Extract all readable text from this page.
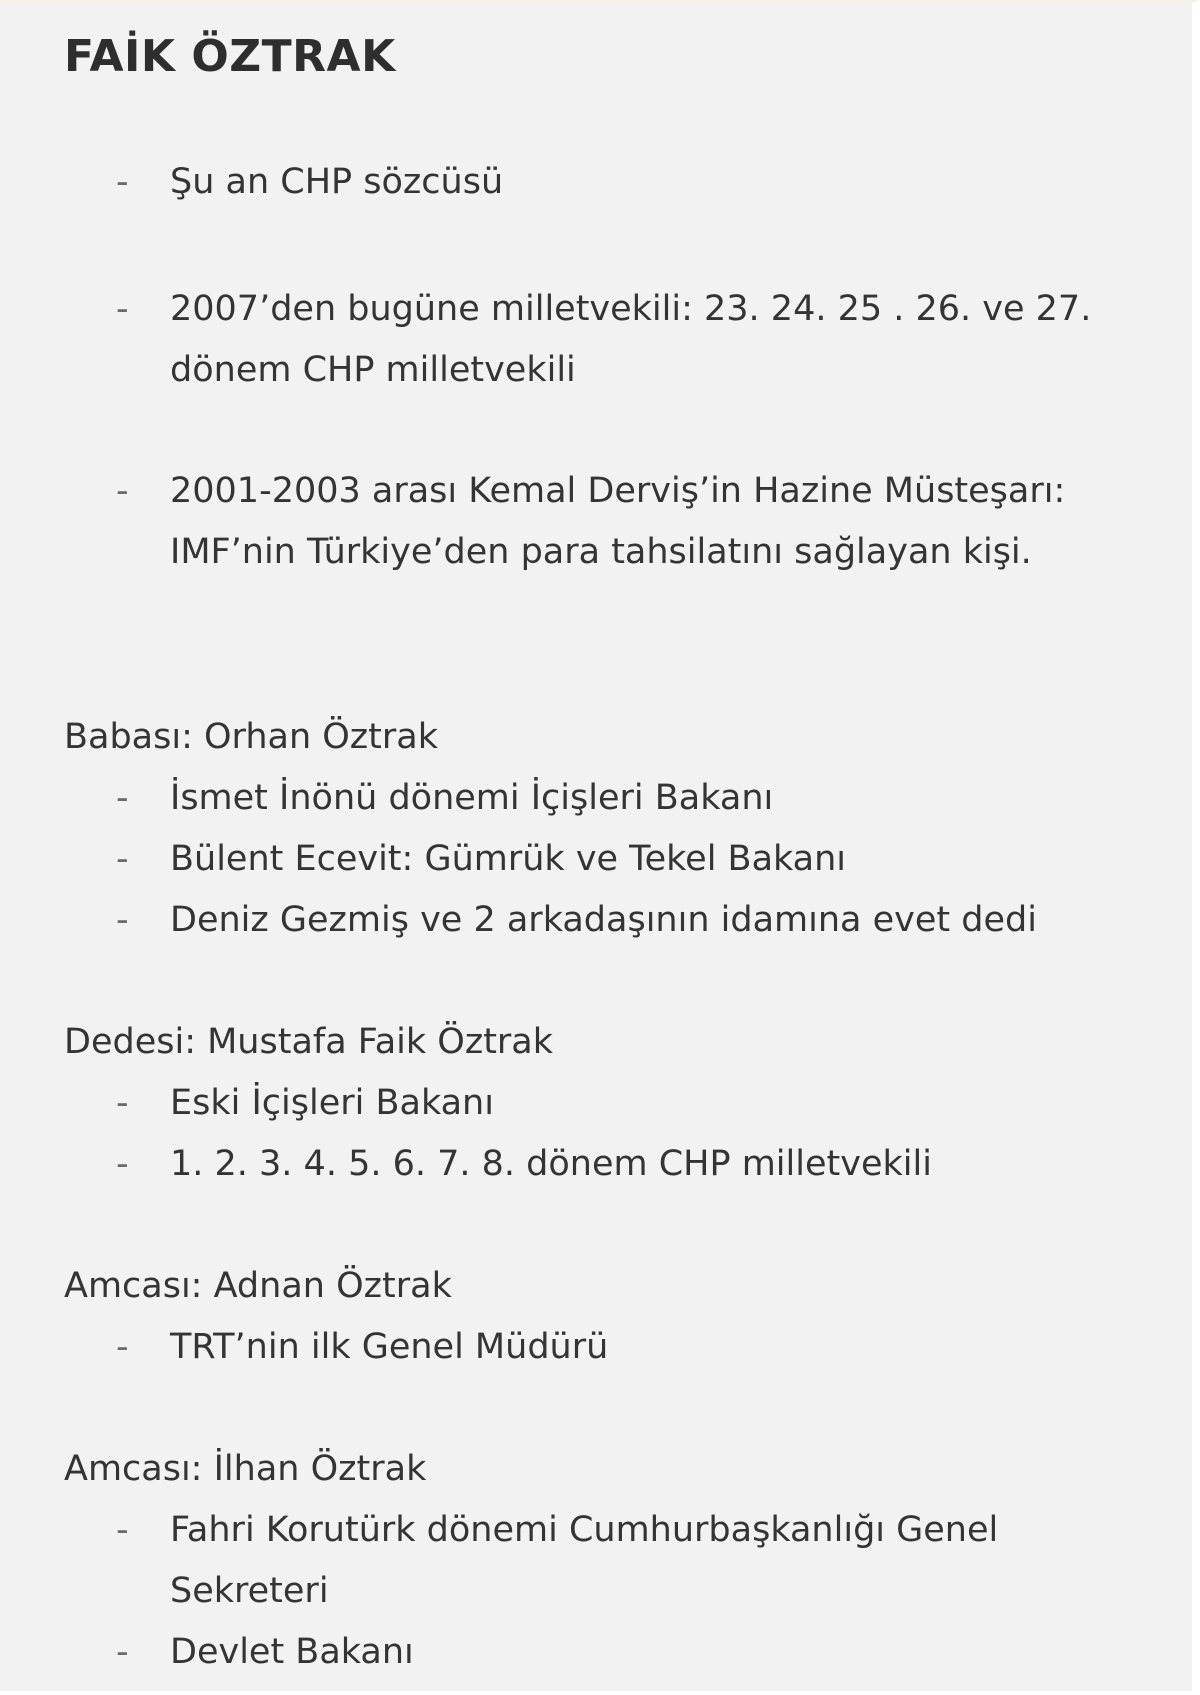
FAİK ÖZTRAK
-	Şu an CHP sözcüsü
-	2007’den bugüne milletvekili: 23. 24. 25 . 26. ve 27. dönem CHP milletvekili
-	2001-2003 arası Kemal Derviş’in Hazine Müsteşarı: IMF’nin Türkiye’den para tahsilatını sağlayan kişi.
Babası: Orhan Öztrak
-	İsmet İnönü dönemi İçişleri Bakanı
-	Bülent Ecevit: Gümrük ve Tekel Bakanı
-	Deniz Gezmiş ve 2 arkadaşının idamına evet dedi
Dedesi: Mustafa Faik Öztrak
-	Eski İçişleri Bakanı
-	1. 2. 3. 4. 5. 6. 7. 8. dönem CHP milletvekili
Amcası: Adnan Öztrak
-	TRT’nin ilk Genel Müdürü
Amcası: İlhan Öztrak
-	Fahri Korutürk dönemi Cumhurbaşkanlığı Genel Sekreteri
-	Devlet Bakanı
